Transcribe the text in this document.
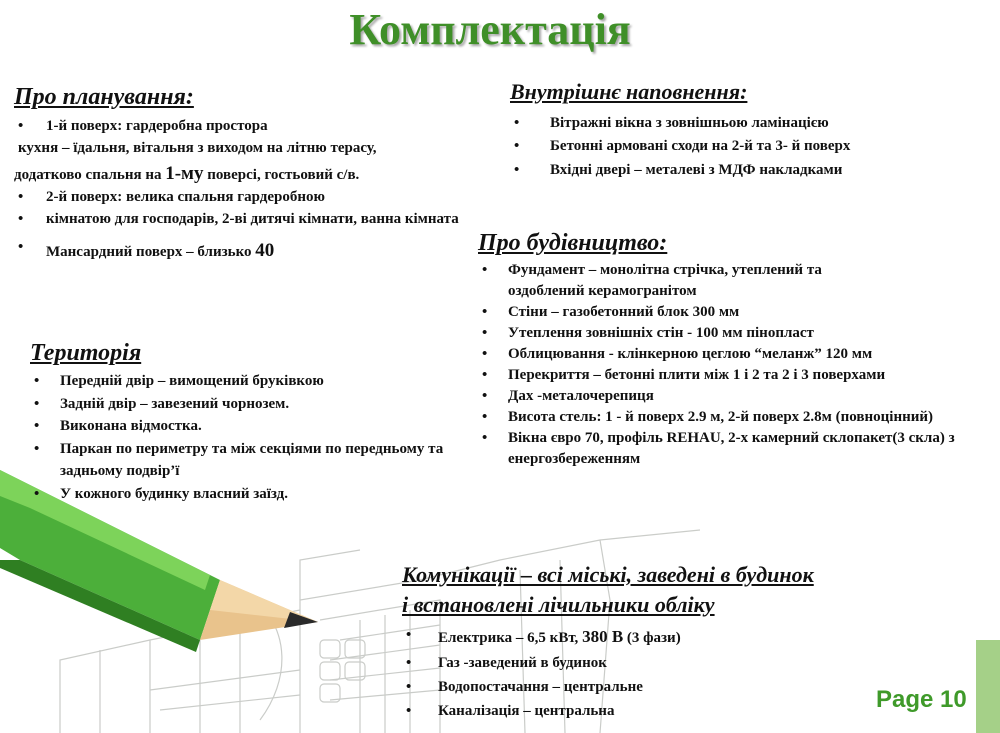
Комплектація
Про планування:
• 1-й поверх: гардеробна простора
кухня – їдальня, вітальня з виходом на літню терасу,
додатково спальня на 1-му поверсі, гостьовий с/в.
• 2-й поверх: велика спальня гардеробною
• кімнатою для господарів, 2-ві дитячі кімнати, ванна кімната
• Мансардний поверх – близько 40
Внутрішнє наповнення:
• Вітражні вікна з зовнішньою ламінацією
• Бетонні армовані сходи на 2-й та 3- й поверх
• Вхідні двері – металеві з МДФ накладками
Про будівництво:
• Фундамент – монолітна стрічка, утеплений та
оздоблений керамогранітом
• Стіни – газобетонний блок 300 мм
• Утеплення зовнішніх стін - 100 мм пінопласт
• Облицювання - клінкерною цеглою “меланж” 120 мм
• Перекриття – бетонні плити між 1 і 2 та 2 і 3 поверхами
• Дах -металочерепиця
• Висота стель: 1 - й поверх 2.9 м, 2-й поверх 2.8м (повноцінний)
• Вікна євро 70, профіль REHAU, 2-х камерний склопакет(3 скла) з енергозбереженням
Територія
• Передній двір – вимощений бруківкою
• Задній двір – завезений чорнозем.
• Виконана відмостка.
• Паркан по периметру та між секціями по передньому та задньому подвір’ї
• У кожного будинку власний заїзд.
Комунікації – всі міські, заведені в будинок
і встановлені лічильники обліку
• Електрика – 6,5 кВт, 380 В (3 фази)
• Газ -заведений в будинок
• Водопостачання – центральне
• Каналізація – центральна	Page 10
